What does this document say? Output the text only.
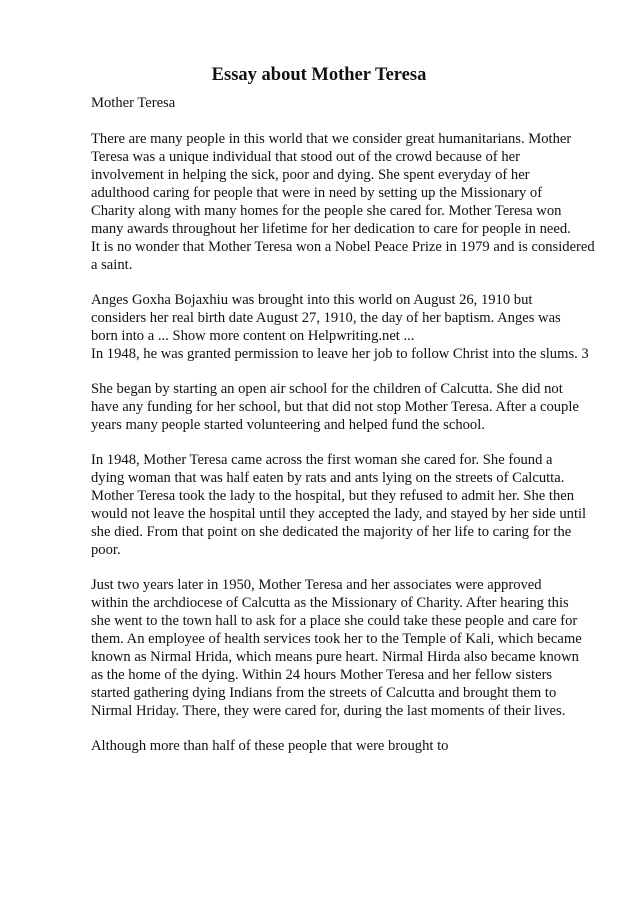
Essay about Mother Teresa
Mother Teresa
There are many people in this world that we consider great humanitarians. Mother
Teresa was a unique individual that stood out of the crowd because of her
involvement in helping the sick, poor and dying. She spent everyday of her
adulthood caring for people that were in need by setting up the Missionary of
Charity along with many homes for the people she cared for. Mother Teresa won
many awards throughout her lifetime for her dedication to care for people in need.
It is no wonder that Mother Teresa won a Nobel Peace Prize in 1979 and is considered
a saint.
Anges Goxha Bojaxhiu was brought into this world on August 26, 1910 but
considers her real birth date August 27, 1910, the day of her baptism. Anges was
born into a ... Show more content on Helpwriting.net ...
In 1948, he was granted permission to leave her job to follow Christ into the slums. 3
She began by starting an open air school for the children of Calcutta. She did not
have any funding for her school, but that did not stop Mother Teresa. After a couple
years many people started volunteering and helped fund the school.
In 1948, Mother Teresa came across the first woman she cared for. She found a
dying woman that was half eaten by rats and ants lying on the streets of Calcutta.
Mother Teresa took the lady to the hospital, but they refused to admit her. She then
would not leave the hospital until they accepted the lady, and stayed by her side until
she died. From that point on she dedicated the majority of her life to caring for the
poor.
Just two years later in 1950, Mother Teresa and her associates were approved
within the archdiocese of Calcutta as the Missionary of Charity. After hearing this
she went to the town hall to ask for a place she could take these people and care for
them. An employee of health services took her to the Temple of Kali, which became
known as Nirmal Hrida, which means pure heart. Nirmal Hirda also became known
as the home of the dying. Within 24 hours Mother Teresa and her fellow sisters
started gathering dying Indians from the streets of Calcutta and brought them to
Nirmal Hriday. There, they were cared for, during the last moments of their lives.
Although more than half of these people that were brought to
